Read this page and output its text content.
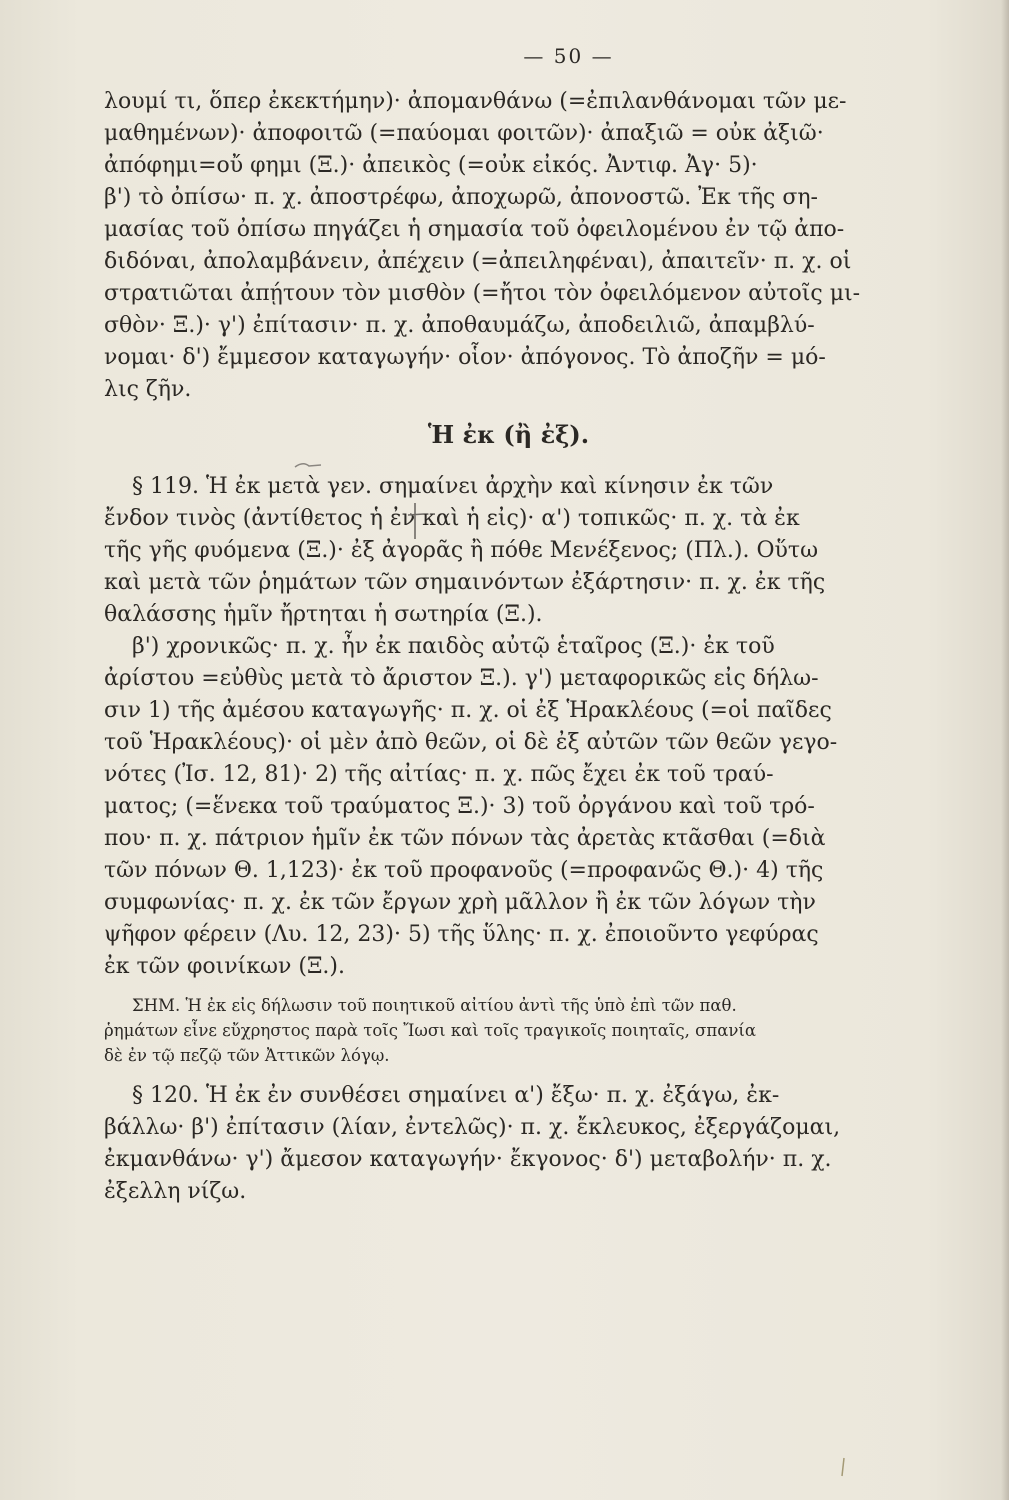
— 50 —

λουμί τι, ὅπερ ἐκεκτήμην)· ἀπομανθάνω (=ἐπιλανθάνομαι τῶν με-
μαθημένων)· ἀποφοιτῶ (=παύομαι φοιτῶν)· ἀπαξιῶ = οὐκ ἀξιῶ·
ἀπόφημι=οὔ φημι (Ξ.)· ἀπεικὸς (=οὐκ εἰκός. Ἀντιφ. Ἀγ· 5)·
β') τὸ ὀπίσω· π. χ. ἀποστρέφω, ἀποχωρῶ, ἀπονοστῶ. Ἐκ τῆς ση-
μασίας τοῦ ὀπίσω πηγάζει ἡ σημασία τοῦ ὀφειλομένου ἐν τῷ ἀπο-
διδόναι, ἀπολαμβάνειν, ἀπέχειν (=ἀπειληφέναι), ἀπαιτεῖν· π. χ. οἱ
στρατιῶται ἀπῄτουν τὸν μισθὸν (=ἤτοι τὸν ὀφειλόμενον αὐτοῖς μι-
σθὸν· Ξ.)· γ') ἐπίτασιν· π. χ. ἀποθαυμάζω, ἀποδειλιῶ, ἀπαμβλύ-
νομαι· δ') ἔμμεσον καταγωγήν· οἷον· ἀπόγονος. Τὸ ἀποζῆν = μό-
λις ζῆν.

Ἡ ἐκ (ἢ ἐξ).

§ 119. Ἡ ἐκ μετὰ γεν. σημαίνει ἀρχὴν καὶ κίνησιν ἐκ τῶν
ἔνδον τινὸς (ἀντίθετος ἡ ἐν καὶ ἡ εἰς)· α') τοπικῶς· π. χ. τὰ ἐκ
τῆς γῆς φυόμενα (Ξ.)· ἐξ ἀγορᾶς ἢ πόθε Μενέξενος; (Πλ.). Οὕτω
καὶ μετὰ τῶν ῥημάτων τῶν σημαινόντων ἐξάρτησιν· π. χ. ἐκ τῆς
θαλάσσης ἡμῖν ἤρτηται ἡ σωτηρία (Ξ.).

β') χρονικῶς· π. χ. ἦν ἐκ παιδὸς αὐτῷ ἑταῖρος (Ξ.)· ἐκ τοῦ
ἀρίστου =εὐθὺς μετὰ τὸ ἄριστον Ξ.). γ') μεταφορικῶς εἰς δήλω-
σιν 1) τῆς ἀμέσου καταγωγῆς· π. χ. οἱ ἐξ Ἡρακλέους (=οἱ παῖδες
τοῦ Ἡρακλέους)· οἱ μὲν ἀπὸ θεῶν, οἱ δὲ ἐξ αὐτῶν τῶν θεῶν γεγο-
νότες (Ἰσ. 12, 81)· 2) τῆς αἰτίας· π. χ. πῶς ἔχει ἐκ τοῦ τραύ-
ματος; (=ἕνεκα τοῦ τραύματος Ξ.)· 3) τοῦ ὀργάνου καὶ τοῦ τρό-
που· π. χ. πάτριον ἡμῖν ἐκ τῶν πόνων τὰς ἀρετὰς κτᾶσθαι (=διὰ
τῶν πόνων Θ. 1,123)· ἐκ τοῦ προφανοῦς (=προφανῶς Θ.)· 4) τῆς
συμφωνίας· π. χ. ἐκ τῶν ἔργων χρὴ μᾶλλον ἢ ἐκ τῶν λόγων τὴν
ψῆφον φέρειν (Λυ. 12, 23)· 5) τῆς ὕλης· π. χ. ἐποιοῦντο γεφύρας
ἐκ τῶν φοινίκων (Ξ.).

ΣΗΜ. Ἡ ἐκ εἰς δήλωσιν τοῦ ποιητικοῦ αἰτίου ἀντὶ τῆς ὑπὸ ἐπὶ τῶν παθ.
ῥημάτων εἶνε εὔχρηστος παρὰ τοῖς Ἴωσι καὶ τοῖς τραγικοῖς ποιηταῖς, σπανία
δὲ ἐν τῷ πεζῷ τῶν Ἀττικῶν λόγῳ.

§ 120. Ἡ ἐκ ἐν συνθέσει σημαίνει α') ἔξω· π. χ. ἐξάγω, ἐκ-
βάλλω· β') ἐπίτασιν (λίαν, ἐντελῶς)· π. χ. ἔκλευκος, ἐξεργάζομαι,
ἐκμανθάνω· γ') ἄμεσον καταγωγήν· ἔκγονος· δ') μεταβολήν· π. χ.
ἐξελλη νίζω.
